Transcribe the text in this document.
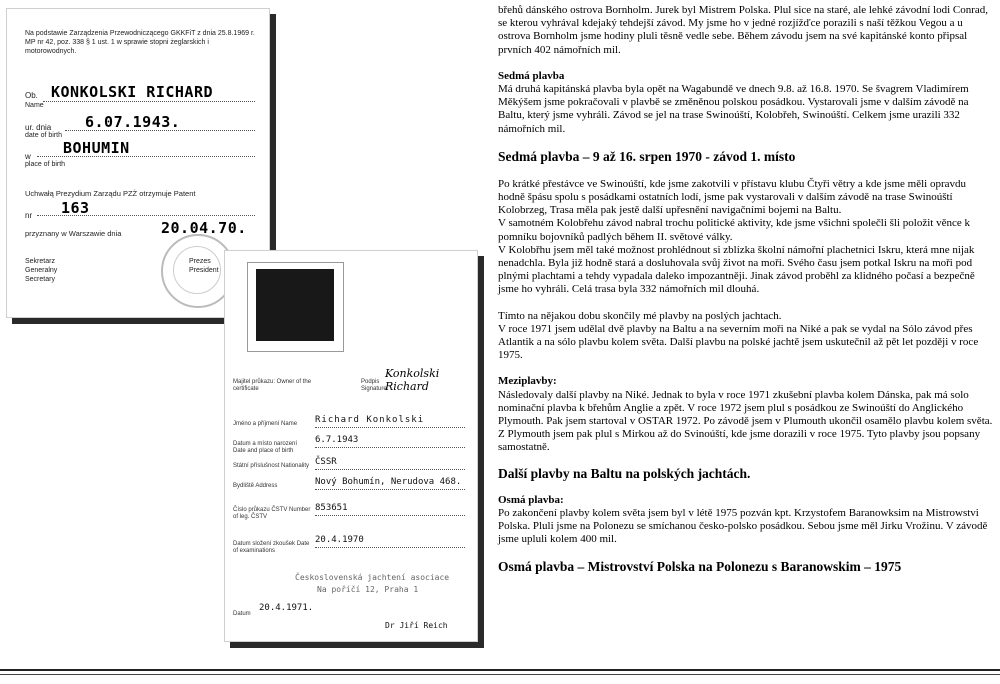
Na podstawie Zarządzenia Przewodniczącego GKKFiT z dnia 25.8.1969 r. MP nr 42, poz. 338 § 1 ust. 1 w sprawie stopni żeglarskich i motorowodnych.
Ob.
Name
KONKOLSKI RICHARD
ur. dnia
date of birth
6.07.1943.
w
place of birth
BOHUMIN
Uchwałą Prezydium Zarządu PZŻ otrzymuje Patent
nr 163
przyznany w Warszawie dnia	20.04.70.
Sekretarz Generalny Secretary
Prezes President
Majitel průkazu: Owner of the certificate
Podpis Signature
Konkolski Richard
Jméno a příjmení Name	Richard Konkolski
Datum a místo narození Date and place of birth
6.7.1943
Státní příslušnost Nationality ČSSR
Bydliště Address	Nový Bohumín, Nerudova 468.
Číslo průkazu ČSTV Number of leg. ČSTV
853651
Datum složení zkoušek Date of examinations
20.4.1970
Československá jachtení asociace
Na poříčí 12, Praha 1
Datum
20.4.1971.
Dr Jiří Reich

břehů dánského ostrova Bornholm. Jurek byl Mistrem Polska. Plul sice na staré, ale lehké závodní lodi Conrad, se kterou vyhrával kdejaký tehdejší závod. My jsme ho v jedné rozjížďce porazili s naší těžkou Vegou a u ostrova Bornholm jsme hodiny pluli těsně vedle sebe. Během závodu jsem na své kapitánské konto připsal prvních 402 námořních mil.

Sedmá plavba

Má druhá kapitánská plavba byla opět na Wagabundě ve dnech 9.8. až 16.8. 1970. Se švagrem Vladimírem Měkýšem jsme pokračovali v plavbě se změněnou polskou posádkou. Vystarovali jsme v dalším závodě na Baltu, který jsme vyhráli. Závod se jel na trase Swinoúští, Kolobřeh, Swinoúští. Celkem jsme urazili 332 námořních mil.

Sedmá plavba – 9 až 16. srpen 1970 - závod 1. místo

Po krátké přestávce ve Swinoúští, kde jsme zakotvili v přístavu klubu Čtyři větry a kde jsme měli opravdu hodně špásu spolu s posádkami ostatních lodí, jsme pak vystarovali v dalším závodě na trase Swinoúští Kolobrzeg, Trasa měla pak jestě další upřesnění navigačními bojemi na Baltu.

V samotném Kolobřehu závod nabral trochu politické aktivity, kde jsme všichni společli šli položit věnce k pomníku bojovníků padlých během II. světové války.

V Kolobřhu jsem měl také možnost prohlédnout si zblízka školní námořní plachetnici Iskru, která mne nijak nenadchla. Byla již hodně stará a dosluhovala svůj život na moři. Svého času jsem potkal Iskru na moři pod plnými plachtami a tehdy vypadala daleko impozantněji. Jinak závod proběhl za klidného počasí a bezpečně jsme ho vyhráli. Celá trasa byla 332 námořních mil dlouhá.

Tímto na nějakou dobu skončily mé plavby na poslých jachtach.

V roce 1971 jsem udělal dvě plavby na Baltu a na severním moři na Niké a pak se vydal na Sólo závod přes Atlantik a na sólo plavbu kolem světa. Další plavbu na polské jachtě jsem uskutečnil až pět let později v roce 1975.

Meziplavby:

Následovaly další plavby na Niké. Jednak to byla v roce 1971 zkušební plavba kolem Dánska, pak má solo nominační plavba k břehům Anglie a zpět. V roce 1972 jsem plul s posádkou ze Swinoúští do Anglického Plymouth. Pak jsem startoval v OSTAR 1972. Po závodě jsem v Plumouth ukončil osamělo plavbu kolem světa. Z Plymouth jsem pak plul s Mirkou až do Svinoúští, kde jsme dorazili v roce 1975. Tyto plavby jsou popsany samostatně.

Další plavby na Baltu na polských jachtách.

Osmá plavba:

Po zakončení plavby kolem světa jsem byl v létě 1975 pozván kpt. Krzystofem Baranowksim na Mistrowstvi Polska. Pluli jsme na Polonezu se smíchanou česko-polsko posádkou. Sebou jsme měl Jirku Vrožinu. V závodě jsme upluli kolem 400 mil.

Osmá plavba – Mistrovství Polska na Polonezu s Baranowskim – 1975
